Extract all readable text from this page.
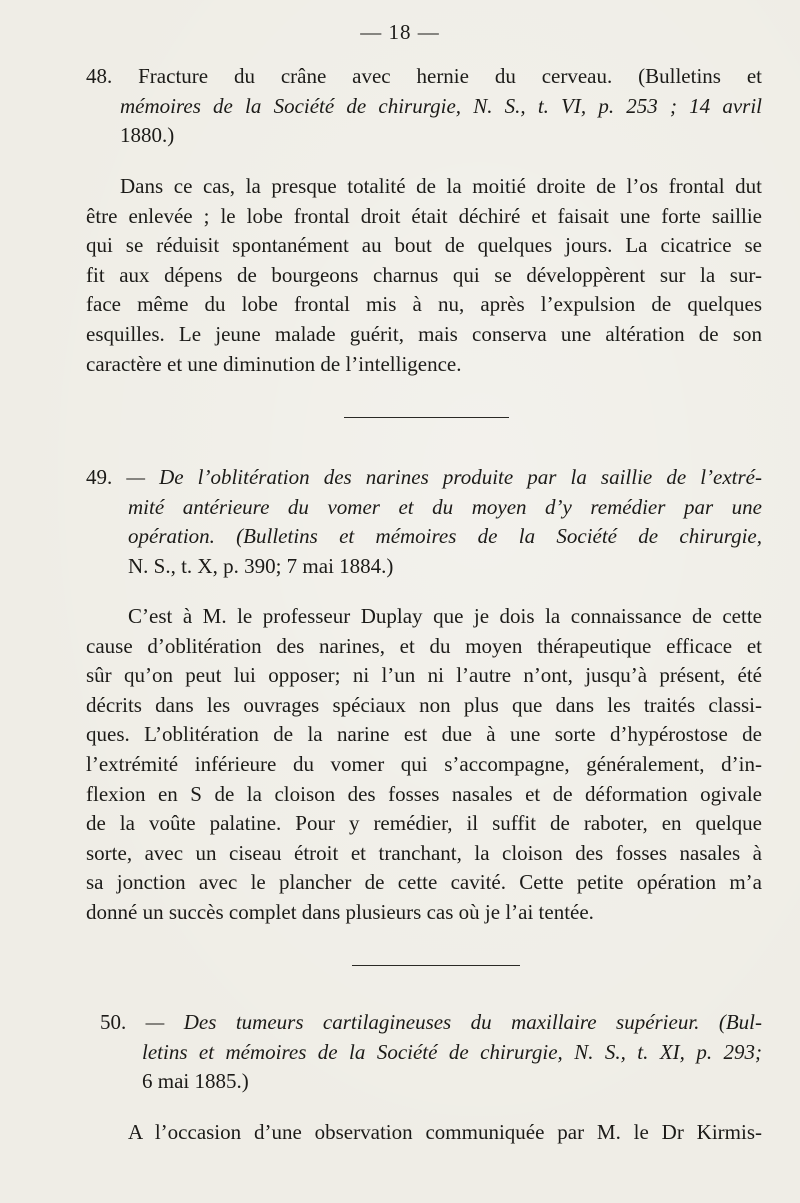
— 18 —
48. Fracture du crâne avec hernie du cerveau. (Bulletins et
mémoires de la Société de chirurgie, N. S., t. VI, p. 253 ; 14 avril
1880.)
Dans ce cas, la presque totalité de la moitié droite de l’os frontal dut
être enlevée ; le lobe frontal droit était déchiré et faisait une forte saillie
qui se réduisit spontanément au bout de quelques jours. La cicatrice se
fit aux dépens de bourgeons charnus qui se développèrent sur la sur-
face même du lobe frontal mis à nu, après l’expulsion de quelques
esquilles. Le jeune malade guérit, mais conserva une altération de son
caractère et une diminution de l’intelligence.
49. — De l’oblitération des narines produite par la saillie de l’extré-
mité antérieure du vomer et du moyen d’y remédier par une
opération. (Bulletins et mémoires de la Société de chirurgie,
N. S., t. X, p. 390; 7 mai 1884.)
C’est à M. le professeur Duplay que je dois la connaissance de cette
cause d’oblitération des narines, et du moyen thérapeutique efficace et
sûr qu’on peut lui opposer; ni l’un ni l’autre n’ont, jusqu’à présent, été
décrits dans les ouvrages spéciaux non plus que dans les traités classi-
ques. L’oblitération de la narine est due à une sorte d’hypérostose de
l’extrémité inférieure du vomer qui s’accompagne, généralement, d’in-
flexion en S de la cloison des fosses nasales et de déformation ogivale
de la voûte palatine. Pour y remédier, il suffit de raboter, en quelque
sorte, avec un ciseau étroit et tranchant, la cloison des fosses nasales à
sa jonction avec le plancher de cette cavité. Cette petite opération m’a
donné un succès complet dans plusieurs cas où je l’ai tentée.
50. — Des tumeurs cartilagineuses du maxillaire supérieur. (Bul-
letins et mémoires de la Société de chirurgie, N. S., t. XI, p. 293;
6 mai 1885.)
A l’occasion d’une observation communiquée par M. le Dr Kirmis-
